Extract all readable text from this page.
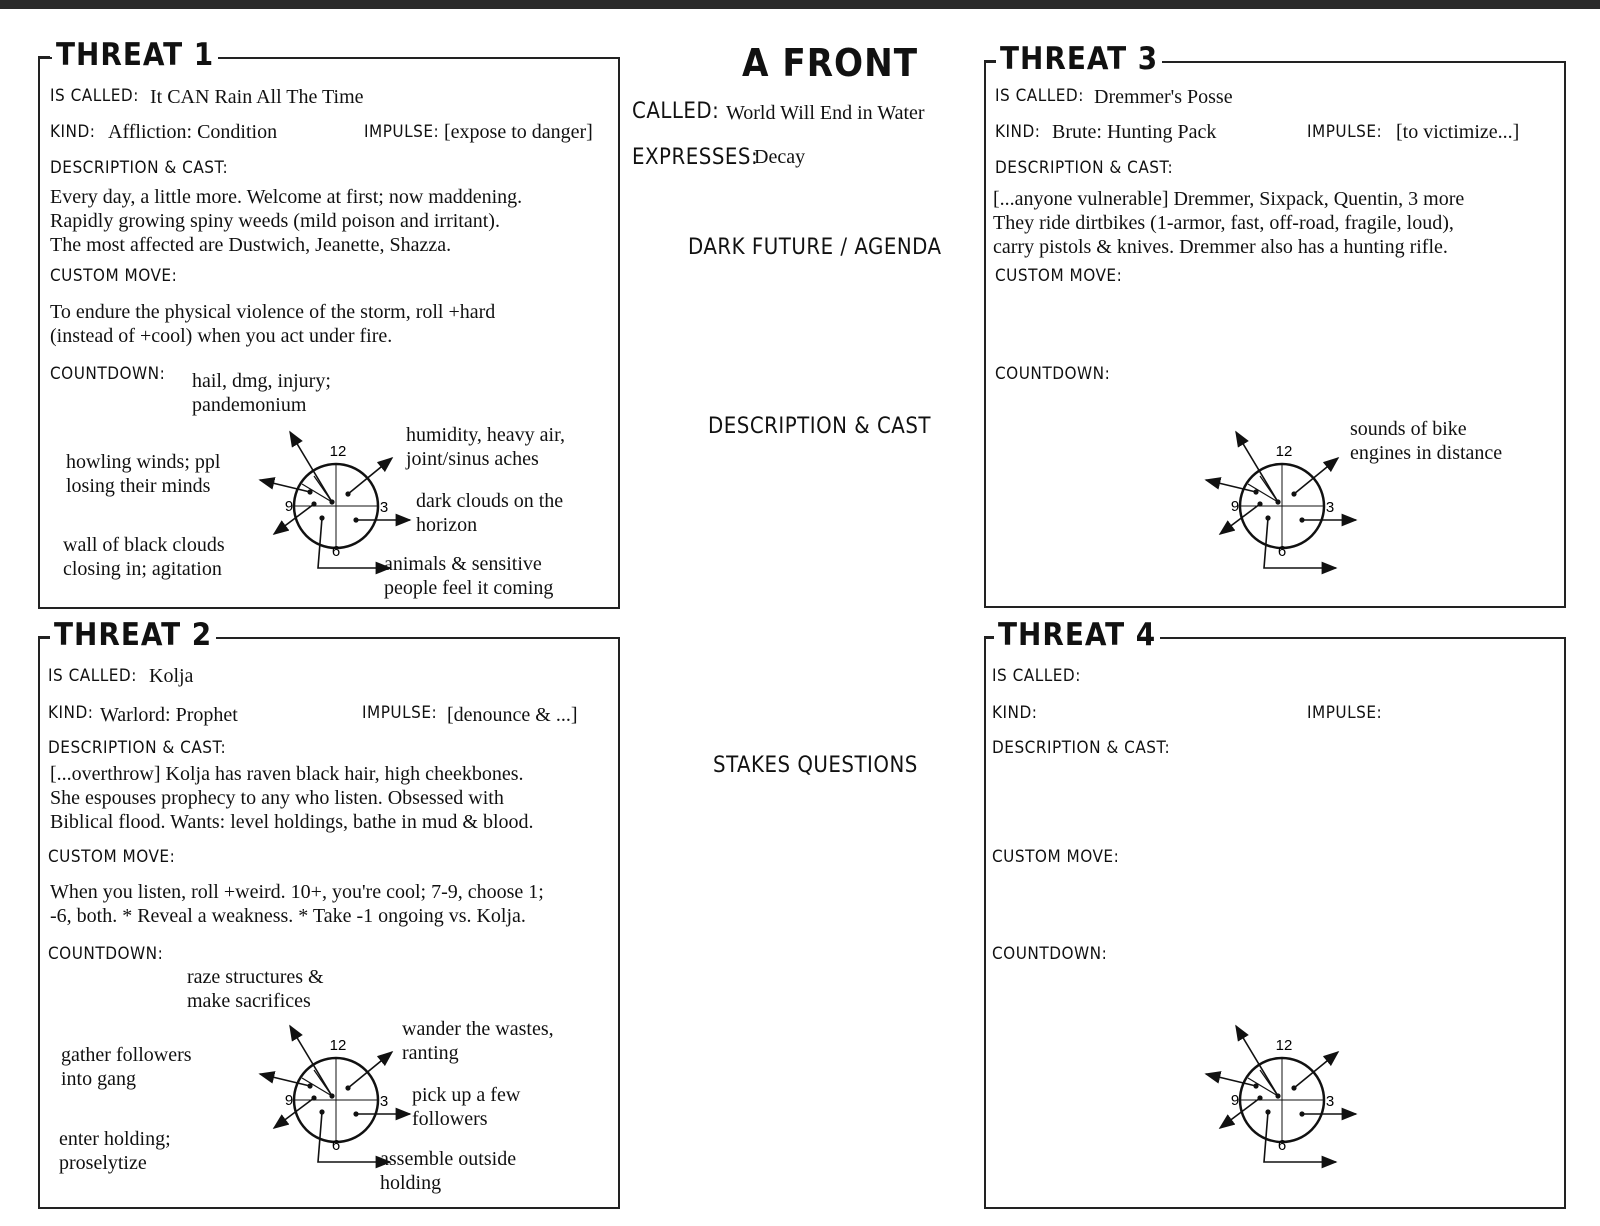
THREAT 1
IS CALLED: It CAN Rain All The Time
KIND: Affliction: Condition	IMPULSE: [expose to danger]
DESCRIPTION & CAST:
Every day, a little more. Welcome at first; now maddening.
Rapidly growing spiny weeds (mild poison and irritant).
The most affected are Dustwich, Jeanette, Shazza.
CUSTOM MOVE:
To endure the physical violence of the storm, roll +hard
(instead of +cool) when you act under fire.
COUNTDOWN: hail, dmg, injury;
pandemonium
humidity, heavy air,
joint/sinus aches
howling winds; ppl
losing their minds
dark clouds on the
horizon
wall of black clouds
closing in; agitation	animals & sensitive
people feel it coming
THREAT 2
IS CALLED: Kolja
KIND: Warlord: Prophet	IMPULSE: [denounce & ...]
DESCRIPTION & CAST:
[...overthrow] Kolja has raven black hair, high cheekbones.
She espouses prophecy to any who listen. Obsessed with
Biblical flood. Wants: level holdings, bathe in mud & blood.
CUSTOM MOVE:
When you listen, roll +weird. 10+, you're cool; 7-9, choose 1;
-6, both. * Reveal a weakness. * Take -1 ongoing vs. Kolja.
COUNTDOWN:
raze structures &
make sacrifices
wander the wastes,
ranting
gather followers
into gang
pick up a few
followers
enter holding;
proselytize	assemble outside
holding
A FRONT
CALLED: World Will End in Water
EXPRESSES:
Decay
DARK FUTURE / AGENDA
DESCRIPTION & CAST
STAKES QUESTIONS
THREAT 3
IS CALLED: Dremmer's Posse
KIND: Brute: Hunting Pack	IMPULSE: [to victimize...]
DESCRIPTION & CAST:
[...anyone vulnerable] Dremmer, Sixpack, Quentin, 3 more
They ride dirtbikes (1-armor, fast, off-road, fragile, loud),
carry pistols & knives. Dremmer also has a hunting rifle.
CUSTOM MOVE:
COUNTDOWN:
sounds of bike
engines in distance
THREAT 4
IS CALLED:
KIND:	IMPULSE:
DESCRIPTION & CAST:
CUSTOM MOVE:
COUNTDOWN:
12
3
6
9
12
3
6
9
12
3
6
9
12
3
6
9
